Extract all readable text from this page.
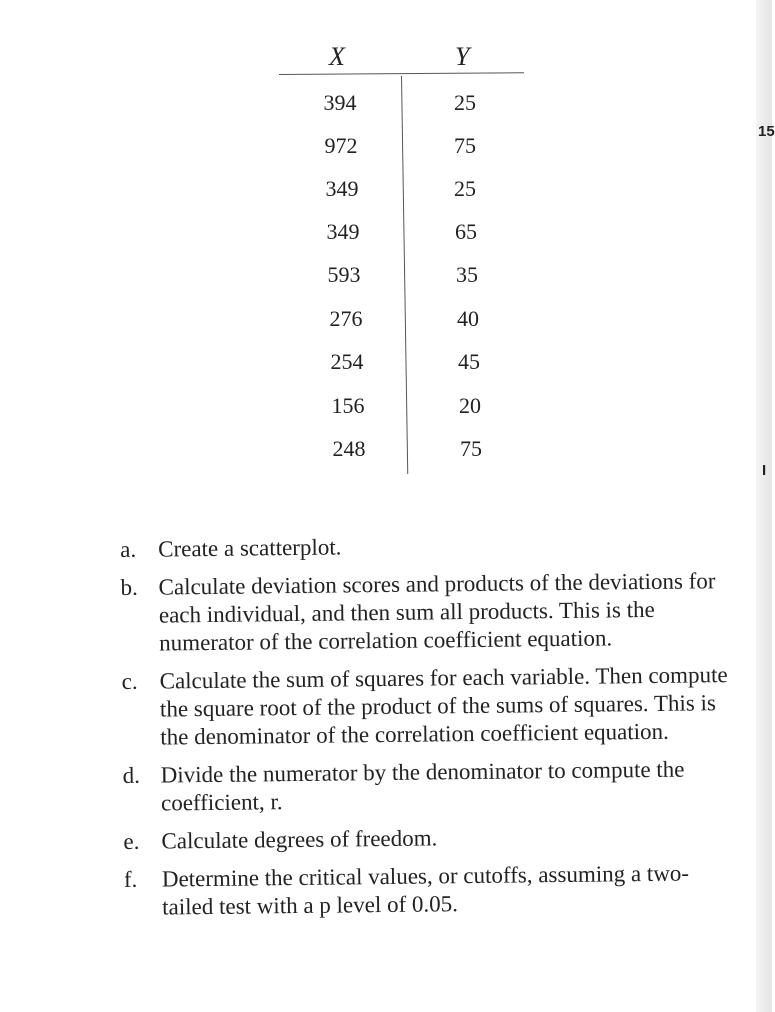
15
I
X	Y
394	25
972	75
349	25
349	65
593	35
276	40
254	45
156	20
248	75
a. Create a scatterplot.
b. Calculate deviation scores and products of the deviations for each individual, and then sum all products. This is the numerator of the correlation coefficient equation.
c. Calculate the sum of squares for each variable. Then compute the square root of the product of the sums of squares. This is the denominator of the correlation coefficient equation.
d. Divide the numerator by the denominator to compute the coefficient, r.
e. Calculate degrees of freedom.
f. Determine the critical values, or cutoffs, assuming a two-tailed test with a p level of 0.05.
